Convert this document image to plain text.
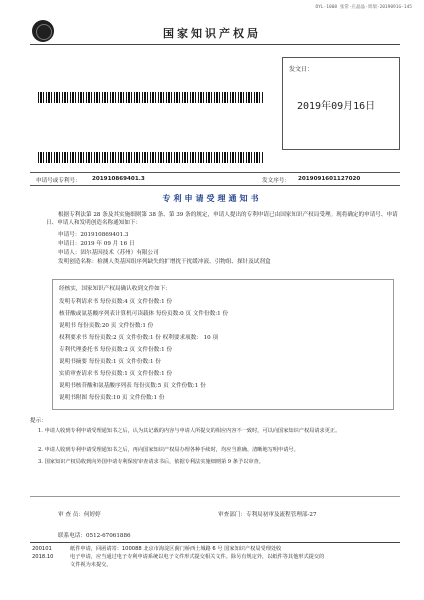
DYL-1008 张常·庄晶晶·周瑞-2019091G-145
国家知识产权局
发文日：
2019年09月16日
申请号或专利号： 201910869401.3	发文序号： 2019091601127020
专利申请受理通知书
根据专利法第 28 条及其实施细则第 38 条、第 39 条的规定，申请人提出的专利申请已由国家知识产权局受理。现将确定的申请号、申请日、申请人和发明创造名称通知如下：
申请号：201910869401.3
申请日：2019 年 09 月 16 日
申请人：固尔基因技术（苏州）有限公司
发明创造名称：检测人类基因组序列缺失的扩增扰干扰缓冲液、引物组、探针及试剂盒
经核实，国家知识产权局确认收到文件如下：
发明专利请求书 每份页数:4 页 文件份数:1 份
核苷酸或氨基酸序列表计算机可读载体 每份页数:0 页 文件份数:1 份
说明书 每份页数:20 页 文件份数:1 份
权利要求书 每份页数:2 页 文件份数:1 份 权利要求项数： 10 项
专利代理委托书 每份页数:2 页 文件份数:1 份
说明书摘要 每份页数:1 页 文件份数:1 份
实质审查请求书 每份页数:1 页 文件份数:1 份
说明书核苷酸和氨基酸序列表 每份页数:5 页 文件份数:1 份
说明书附图 每份页数:10 页 文件份数:1 份
提示：
1. 申请人收到专利申请受理通知书之后，认为其记载的内容与申请人所提交的相应内容不一致时，可以向国家知识产权局请求更正。
2. 申请人收到专利申请受理通知书之后，再向国家知识产权局办理各种手续时，均应当准确、清晰地写明申请号。
3. 国家知识产权局收到向外国申请专利保密审查请求书后，依据专利法实施细则第 9 条予以审查。
审 查 员：何婷婷	审查部门：专利局初审及流程管理部-27
联系电话：0512-67061886
200101
2018.10
纸件申请，回函请寄：100088 北京市海淀区蓟门桥西土城路 6 号 国家知识产权局受理处收
电子申请，应当通过电子专利申请系统以电子文件形式提交相关文件。除另有规定外，以纸件等其他形式提交的
文件视为未提交。
